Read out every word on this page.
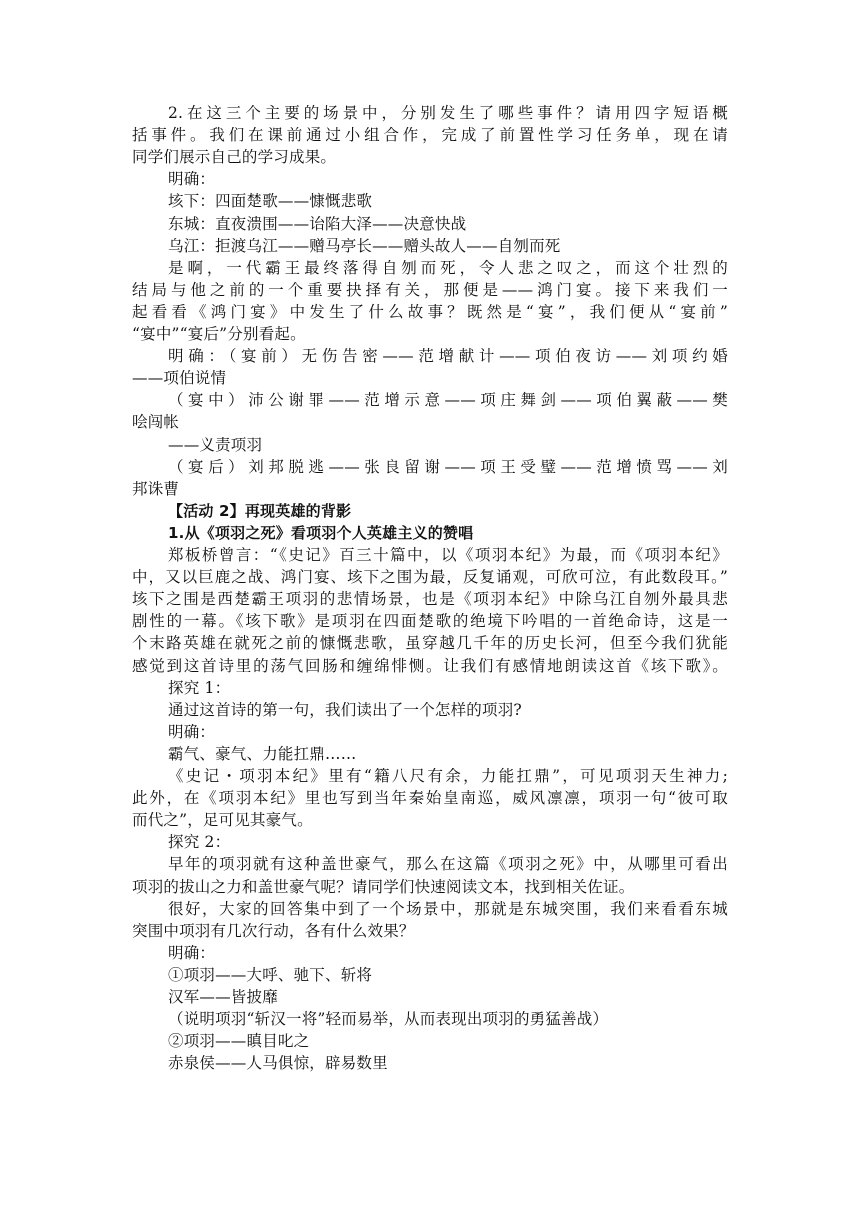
2.在这三个主要的场景中，分别发生了哪些事件？请用四字短语概
括事件。我们在课前通过小组合作，完成了前置性学习任务单，现在请
同学们展示自己的学习成果。
明确：
垓下：四面楚歌——慷慨悲歌
东城：直夜溃围——诒陷大泽——决意快战
乌江：拒渡乌江——赠马亭长——赠头故人——自刎而死
是啊，一代霸王最终落得自刎而死，令人悲之叹之，而这个壮烈的
结局与他之前的一个重要抉择有关，那便是——鸿门宴。接下来我们一
起看看《鸿门宴》中发生了什么故事？既然是“宴”，我们便从“宴前”
“宴中”“宴后”分别看起。
明确：（宴前）无伤告密——范增献计——项伯夜访——刘项约婚
——项伯说情
（宴中）沛公谢罪——范增示意——项庄舞剑——项伯翼蔽——樊
哙闯帐
——义责项羽
（宴后）刘邦脱逃——张良留谢——项王受璧——范增愤骂——刘
邦诛曹
【活动 2】再现英雄的背影
1.从《项羽之死》看项羽个人英雄主义的赞唱
郑板桥曾言：“《史记》百三十篇中，以《项羽本纪》为最，而《项羽本纪》
中，又以巨鹿之战、鸿门宴、垓下之围为最，反复诵观，可欣可泣，有此数段耳。”
垓下之围是西楚霸王项羽的悲情场景，也是《项羽本纪》中除乌江自刎外最具悲
剧性的一幕。《垓下歌》是项羽在四面楚歌的绝境下吟唱的一首绝命诗，这是一
个末路英雄在就死之前的慷慨悲歌，虽穿越几千年的历史长河，但至今我们犹能
感觉到这首诗里的荡气回肠和缠绵悱恻。让我们有感情地朗读这首《垓下歌》。
探究 1：
通过这首诗的第一句，我们读出了一个怎样的项羽?
明确：
霸气、豪气、力能扛鼎……
《史记・项羽本纪》里有“籍八尺有余，力能扛鼎”，可见项羽天生神力;
此外，在《项羽本纪》里也写到当年秦始皇南巡，威风凛凛，项羽一句“彼可取
而代之”，足可见其豪气。
探究 2：
早年的项羽就有这种盖世豪气，那么在这篇《项羽之死》中，从哪里可看出
项羽的拔山之力和盖世豪气呢？请同学们快速阅读文本，找到相关佐证。
很好，大家的回答集中到了一个场景中，那就是东城突围，我们来看看东城
突围中项羽有几次行动，各有什么效果？
明确：
①项羽——大呼、驰下、斩将
汉军——皆披靡
（说明项羽“斩汉一将”轻而易举，从而表现出项羽的勇猛善战）
②项羽——瞋目叱之
赤泉侯——人马俱惊，辟易数里
